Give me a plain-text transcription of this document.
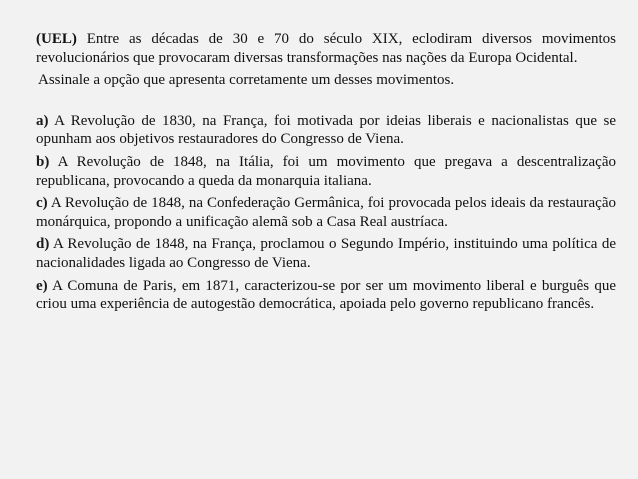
(UEL) Entre as décadas de 30 e 70 do século XIX, eclodiram diversos movimentos revolucionários que provocaram diversas transformações nas nações da Europa Ocidental.

Assinale a opção que apresenta corretamente um desses movimentos.

a) A Revolução de 1830, na França, foi motivada por ideias liberais e nacionalistas que se opunham aos objetivos restauradores do Congresso de Viena.

b) A Revolução de 1848, na Itália, foi um movimento que pregava a descentralização republicana, provocando a queda da monarquia italiana.

c) A Revolução de 1848, na Confederação Germânica, foi provocada pelos ideais da restauração monárquica, propondo a unificação alemã sob a Casa Real austríaca.

d) A Revolução de 1848, na França, proclamou o Segundo Império, instituindo uma política de nacionalidades ligada ao Congresso de Viena.

e) A Comuna de Paris, em 1871, caracterizou-se por ser um movimento liberal e burguês que criou uma experiência de autogestão democrática, apoiada pelo governo republicano francês.
